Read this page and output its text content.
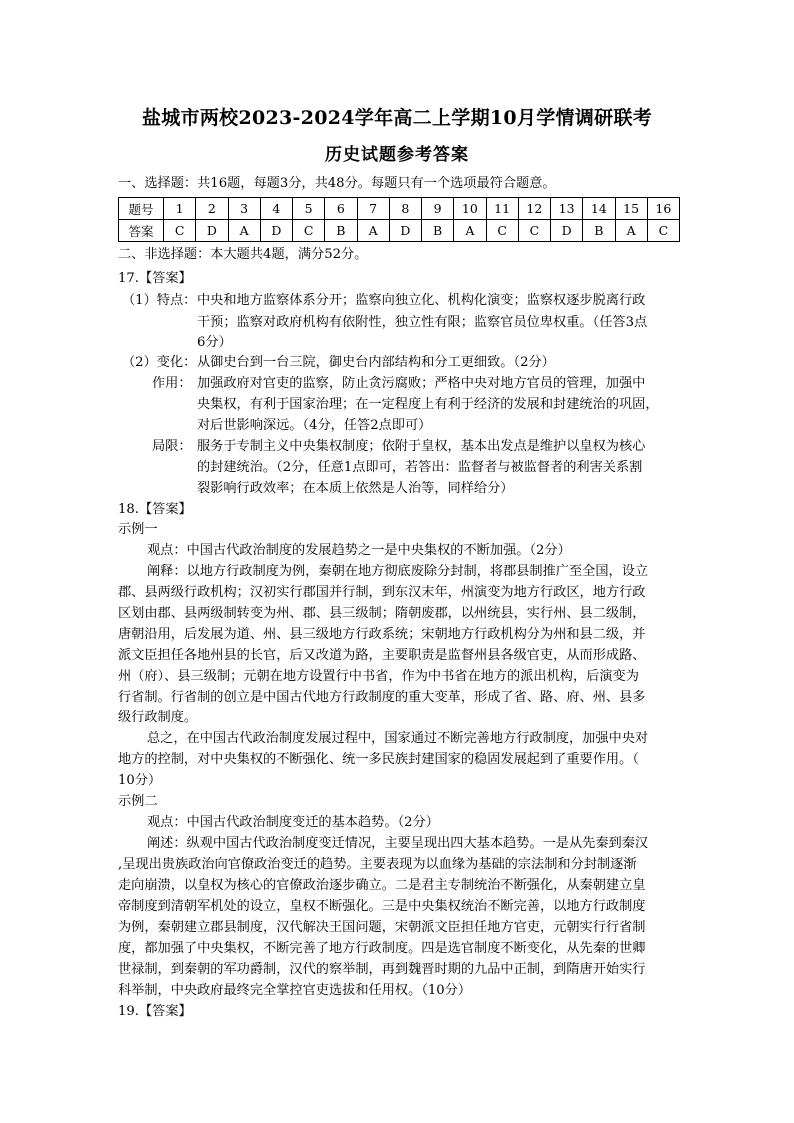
盐城市两校2023-2024学年高二上学期10月学情调研联考
历史试题参考答案
一、选择题：共16题，每题3分，共48分。每题只有一个选项最符合题意。
题号	1	2	3	4	5	6	7	8	9	10	11	12	13	14	15	16
答案	C	D	A	D	C	B	A	D	B	A	C	C	D	B	A	C
二、非选择题：本大题共4题，满分52分。
17.【答案】
（1）特点： 中央和地方监察体系分开；监察向独立化、机构化演变；监察权逐步脱离行政
干预；监察对政府机构有依附性，独立性有限；监察官员位卑权重。（任答3点
6分）
（2）变化： 从御史台到一台三院，御史台内部结构和分工更细致。（2分）
作用： 加强政府对官吏的监察，防止贪污腐败；严格中央对地方官员的管理，加强中
央集权，有利于国家治理；在一定程度上有利于经济的发展和封建统治的巩固，
对后世影响深远。（4分，任答2点即可）
局限： 服务于专制主义中央集权制度；依附于皇权，基本出发点是维护以皇权为核心
的封建统治。（2分，任意1点即可，若答出：监督者与被监督者的利害关系割
裂影响行政效率；在本质上依然是人治等，同样给分）
18.【答案】
示例一
观点：中国古代政治制度的发展趋势之一是中央集权的不断加强。（2分）
阐释：以地方行政制度为例，秦朝在地方彻底废除分封制，将郡县制推广至全国，设立
郡、县两级行政机构；汉初实行郡国并行制，到东汉末年，州演变为地方行政区，地方行政
区划由郡、县两级制转变为州、郡、县三级制；隋朝废郡，以州统县，实行州、县二级制，
唐朝沿用，后发展为道、州、县三级地方行政系统；宋朝地方行政机构分为州和县二级，并
派文臣担任各地州县的长官，后又改道为路，主要职责是监督州县各级官吏，从而形成路、
州（府）、县三级制；元朝在地方设置行中书省，作为中书省在地方的派出机构，后演变为
行省制。行省制的创立是中国古代地方行政制度的重大变革，形成了省、路、府、州、县多
级行政制度。
总之，在中国古代政治制度发展过程中，国家通过不断完善地方行政制度，加强中央对
地方的控制，对中央集权的不断强化、统一多民族封建国家的稳固发展起到了重要作用。（
10分）
示例二
观点：中国古代政治制度变迁的基本趋势。（2分）
阐述：纵观中国古代政治制度变迁情况，主要呈现出四大基本趋势。一是从先秦到秦汉
,呈现出贵族政治向官僚政治变迁的趋势。主要表现为以血缘为基础的宗法制和分封制逐渐
走向崩溃，以皇权为核心的官僚政治逐步确立。二是君主专制统治不断强化，从秦朝建立皇
帝制度到清朝军机处的设立，皇权不断强化。三是中央集权统治不断完善，以地方行政制度
为例，秦朝建立郡县制度，汉代解决王国问题，宋朝派文臣担任地方官吏，元朝实行行省制
度，都加强了中央集权，不断完善了地方行政制度。四是选官制度不断变化，从先秦的世卿
世禄制，到秦朝的军功爵制，汉代的察举制，再到魏晋时期的九品中正制，到隋唐开始实行
科举制，中央政府最终完全掌控官吏选拔和任用权。（10分）
19.【答案】
